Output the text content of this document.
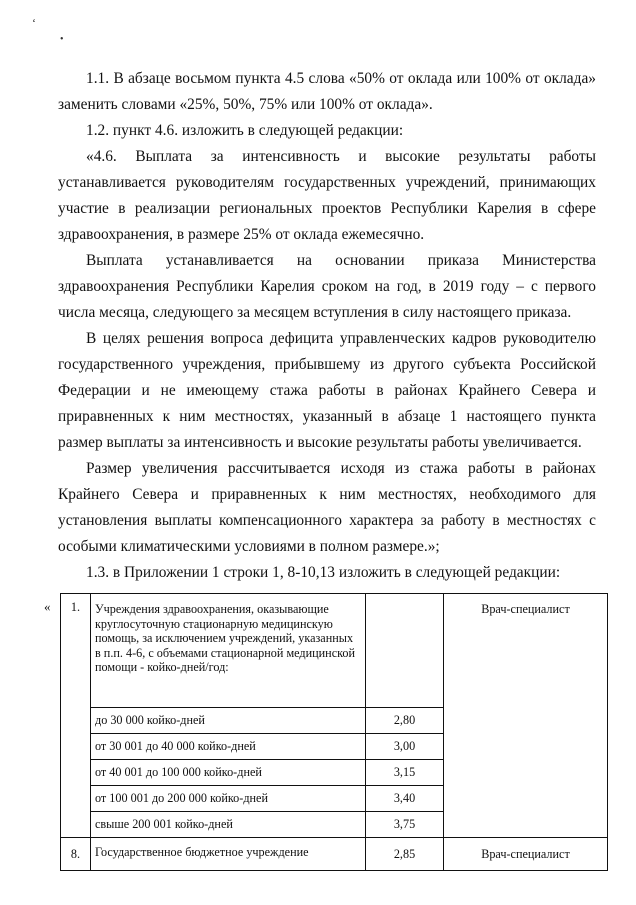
‘
•

1.1. В абзаце восьмом пункта 4.5 слова «50% от оклада или 100% от оклада» заменить словами «25%, 50%, 75% или 100% от оклада».

1.2. пункт 4.6. изложить в следующей редакции:

«4.6. Выплата за интенсивность и высокие результаты работы устанавливается руководителям государственных учреждений, принимающих участие в реализации региональных проектов Республики Карелия в сфере здравоохранения, в размере 25% от оклада ежемесячно.

Выплата устанавливается на основании приказа Министерства здравоохранения Республики Карелия сроком на год, в 2019 году – с первого числа месяца, следующего за месяцем вступления в силу настоящего приказа.

В целях решения вопроса дефицита управленческих кадров руководителю государственного учреждения, прибывшему из другого субъекта Российской Федерации и не имеющему стажа работы в районах Крайнего Севера и приравненных к ним местностях, указанный в абзаце 1 настоящего пункта размер выплаты за интенсивность и высокие результаты работы увеличивается.

Размер увеличения рассчитывается исходя из стажа работы в районах Крайнего Севера и приравненных к ним местностях, необходимого для установления выплаты компенсационного характера за работу в местностях с особыми климатическими условиями в полном размере.»;

1.3. в Приложении 1 строки 1, 8-10,13 изложить в следующей редакции:

« 1.	Учреждения здравоохранения, оказывающие круглосуточную стационарную медицинскую помощь, за исключением учреждений, указанных в п.п. 4-6, с объемами стационарной медицинской помощи - койко-дней/год:		Врач-специалист
	до 30 000 койко-дней	2,80	
	от 30 001 до 40 000 койко-дней	3,00	
	от 40 001 до 100 000 койко-дней	3,15	
	от 100 001 до 200 000 койко-дней	3,40	
	свыше 200 001 койко-дней	3,75	
8.	Государственное бюджетное учреждение	2,85	Врач-специалист
